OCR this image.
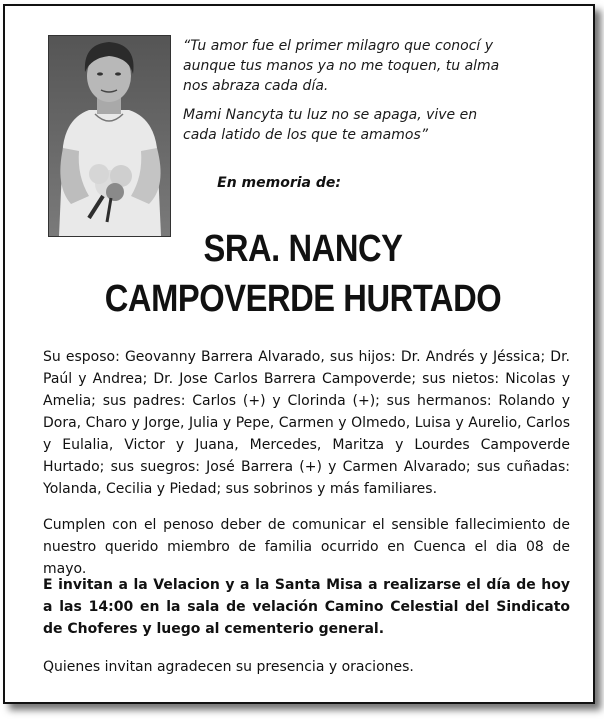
“Tu amor fue el primer milagro que conocí y aunque tus manos ya no me toquen, tu alma nos abraza cada día.

Mami Nancyta tu luz no se apaga, vive en cada latido de los que te amamos”

En memoria de:
SRA. NANCY
CAMPOVERDE HURTADO
Su esposo: Geovanny Barrera Alvarado, sus hijos: Dr. Andrés y Jéssica; Dr. Paúl y Andrea; Dr. Jose Carlos Barrera Campoverde; sus nietos: Nicolas y Amelia; sus padres: Carlos (+) y Clorinda (+); sus hermanos: Rolando y Dora, Charo y Jorge, Julia y Pepe, Carmen y Olmedo, Luisa y Aurelio, Carlos y Eulalia, Victor y Juana, Mercedes, Maritza y Lourdes Campoverde Hurtado; sus suegros: José Barrera (+) y Carmen Alvarado; sus cuñadas: Yolanda, Cecilia y Piedad; sus sobrinos y más familiares.
Cumplen con el penoso deber de comunicar el sensible fallecimiento de nuestro querido miembro de familia ocurrido en Cuenca el dia 08 de mayo.
E invitan a la Velacion y a la Santa Misa a realizarse el día de hoy a las 14:00 en la sala de velación Camino Celestial del Sindicato de Choferes y luego al cementerio general.
Quienes invitan agradecen su presencia y oraciones.
